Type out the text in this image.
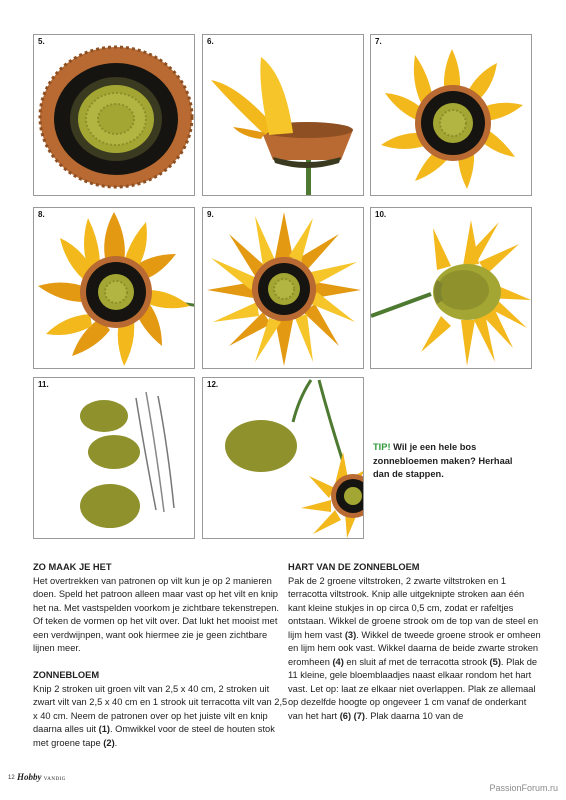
5.	6.	7.
8.	9.	10.
11.	12.
TIP! Wil je een hele bos zonnebloemen maken? Herhaal dan de stappen.
ZO MAAK JE HET

Het overtrekken van patronen op vilt kun je op 2 manieren doen. Speld het patroon alleen maar vast op het vilt en knip het na. Met vastspelden voorkom je zichtbare tekenstrepen. Of teken de vormen op het vilt over. Dat lukt het mooist met een verdwijnpen, want ook hiermee zie je geen zichtbare lijnen meer.

ZONNEBLOEM

Knip 2 stroken uit groen vilt van 2,5 x 40 cm, 2 stroken uit zwart vilt van 2,5 x 40 cm en 1 strook uit terracotta vilt van 2,5 x 40 cm. Neem de patronen over op het juiste vilt en knip daarna alles uit (1). Omwikkel voor de steel de houten stok met groene tape (2).

HART VAN DE ZONNEBLOEM

Pak de 2 groene viltstroken, 2 zwarte viltstroken en 1 terracotta viltstrook. Knip alle uitgeknipte stroken aan één kant kleine stukjes in op circa 0,5 cm, zodat er rafeltjes ontstaan. Wikkel de groene strook om de top van de steel en lijm hem vast (3). Wikkel de tweede groene strook er omheen en lijm hem ook vast. Wikkel daarna de beide zwarte stroken eromheen (4) en sluit af met de terracotta strook (5). Plak de 11 kleine, gele bloemblaadjes naast elkaar rondom het hart vast. Let op: laat ze elkaar niet overlappen. Plak ze allemaal op dezelfde hoogte op ongeveer 1 cm vanaf de onderkant van het hart (6) (7). Plak daarna 10 van de

12 Hobby VANDIG
PassionForum.ru
